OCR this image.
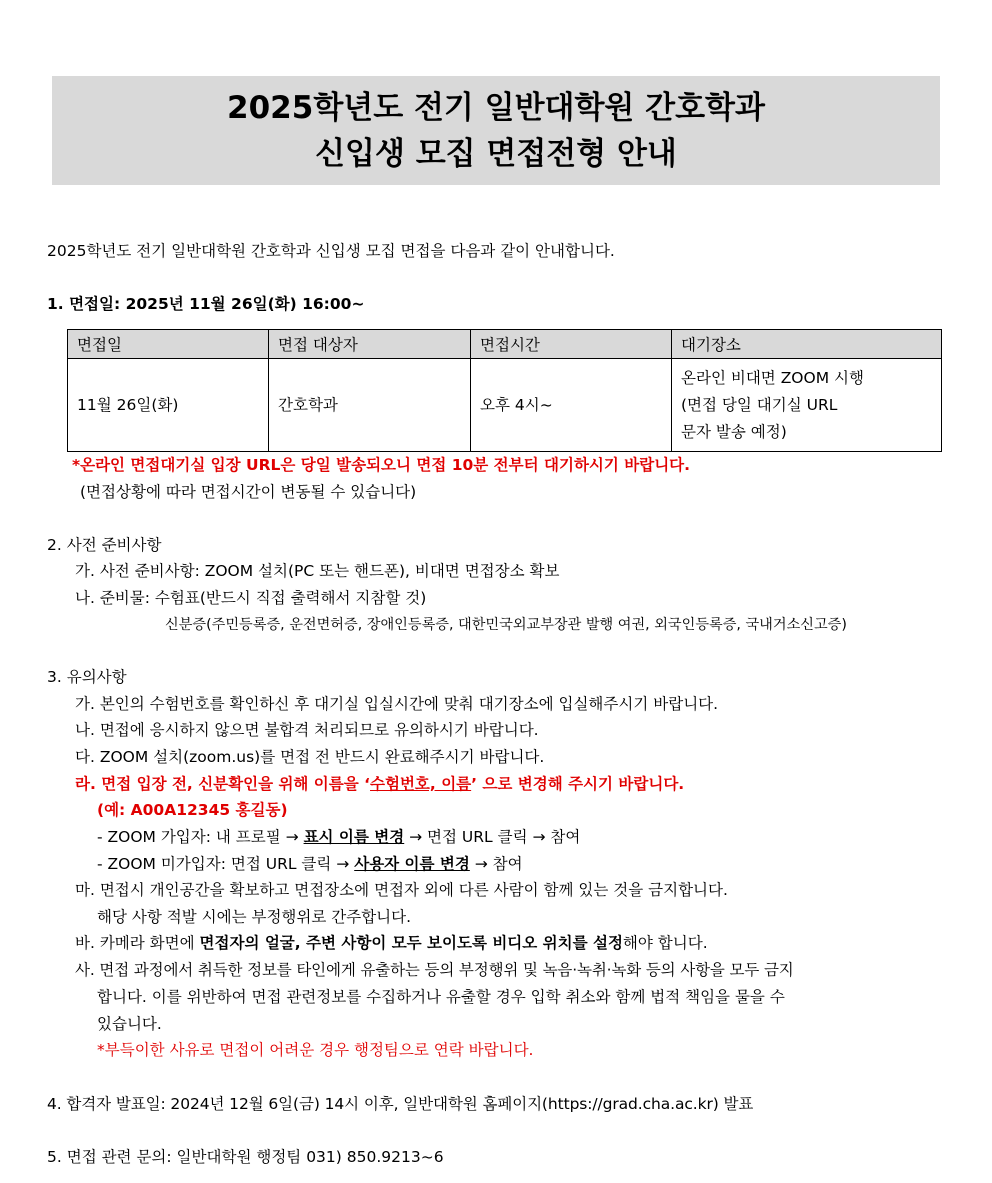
2025학년도 전기 일반대학원 간호학과
신입생 모집 면접전형 안내
2025학년도 전기 일반대학원 간호학과 신입생 모집 면접을 다음과 같이 안내합니다.
1. 면접일: 2025년 11월 26일(화) 16:00~
면접일	면접 대상자	면접시간	대기장소
11월 26일(화)	간호학과	오후 4시~	온라인 비대면 ZOOM 시행
(면접 당일 대기실 URL
문자 발송 예정)
*온라인 면접대기실 입장 URL은 당일 발송되오니 면접 10분 전부터 대기하시기 바랍니다.
(면접상황에 따라 면접시간이 변동될 수 있습니다)
2. 사전 준비사항
가. 사전 준비사항: ZOOM 설치(PC 또는 핸드폰), 비대면 면접장소 확보
나. 준비물: 수험표(반드시 직접 출력해서 지참할 것)
신분증(주민등록증, 운전면허증, 장애인등록증, 대한민국외교부장관 발행 여권, 외국인등록증, 국내거소신고증)
3. 유의사항
가. 본인의 수험번호를 확인하신 후 대기실 입실시간에 맞춰 대기장소에 입실해주시기 바랍니다.
나. 면접에 응시하지 않으면 불합격 처리되므로 유의하시기 바랍니다.
다. ZOOM 설치(zoom.us)를 면접 전 반드시 완료해주시기 바랍니다.
라. 면접 입장 전, 신분확인을 위해 이름을 ‘수험번호, 이름’ 으로 변경해 주시기 바랍니다.
(예: A00A12345 홍길동)
- ZOOM 가입자: 내 프로필 → 표시 이름 변경 → 면접 URL 클릭 → 참여
- ZOOM 미가입자: 면접 URL 클릭 → 사용자 이름 변경 → 참여
마. 면접시 개인공간을 확보하고 면접장소에 면접자 외에 다른 사람이 함께 있는 것을 금지합니다.
해당 사항 적발 시에는 부정행위로 간주합니다.
바. 카메라 화면에 면접자의 얼굴, 주변 사항이 모두 보이도록 비디오 위치를 설정해야 합니다.
사. 면접 과정에서 취득한 정보를 타인에게 유출하는 등의 부정행위 및 녹음·녹취·녹화 등의 사항을 모두 금지
합니다. 이를 위반하여 면접 관련정보를 수집하거나 유출할 경우 입학 취소와 함께 법적 책임을 물을 수
있습니다.
*부득이한 사유로 면접이 어려운 경우 행정팀으로 연락 바랍니다.
4. 합격자 발표일: 2024년 12월 6일(금) 14시 이후, 일반대학원 홈페이지(https://grad.cha.ac.kr) 발표
5. 면접 관련 문의: 일반대학원 행정팀 031) 850.9213~6
